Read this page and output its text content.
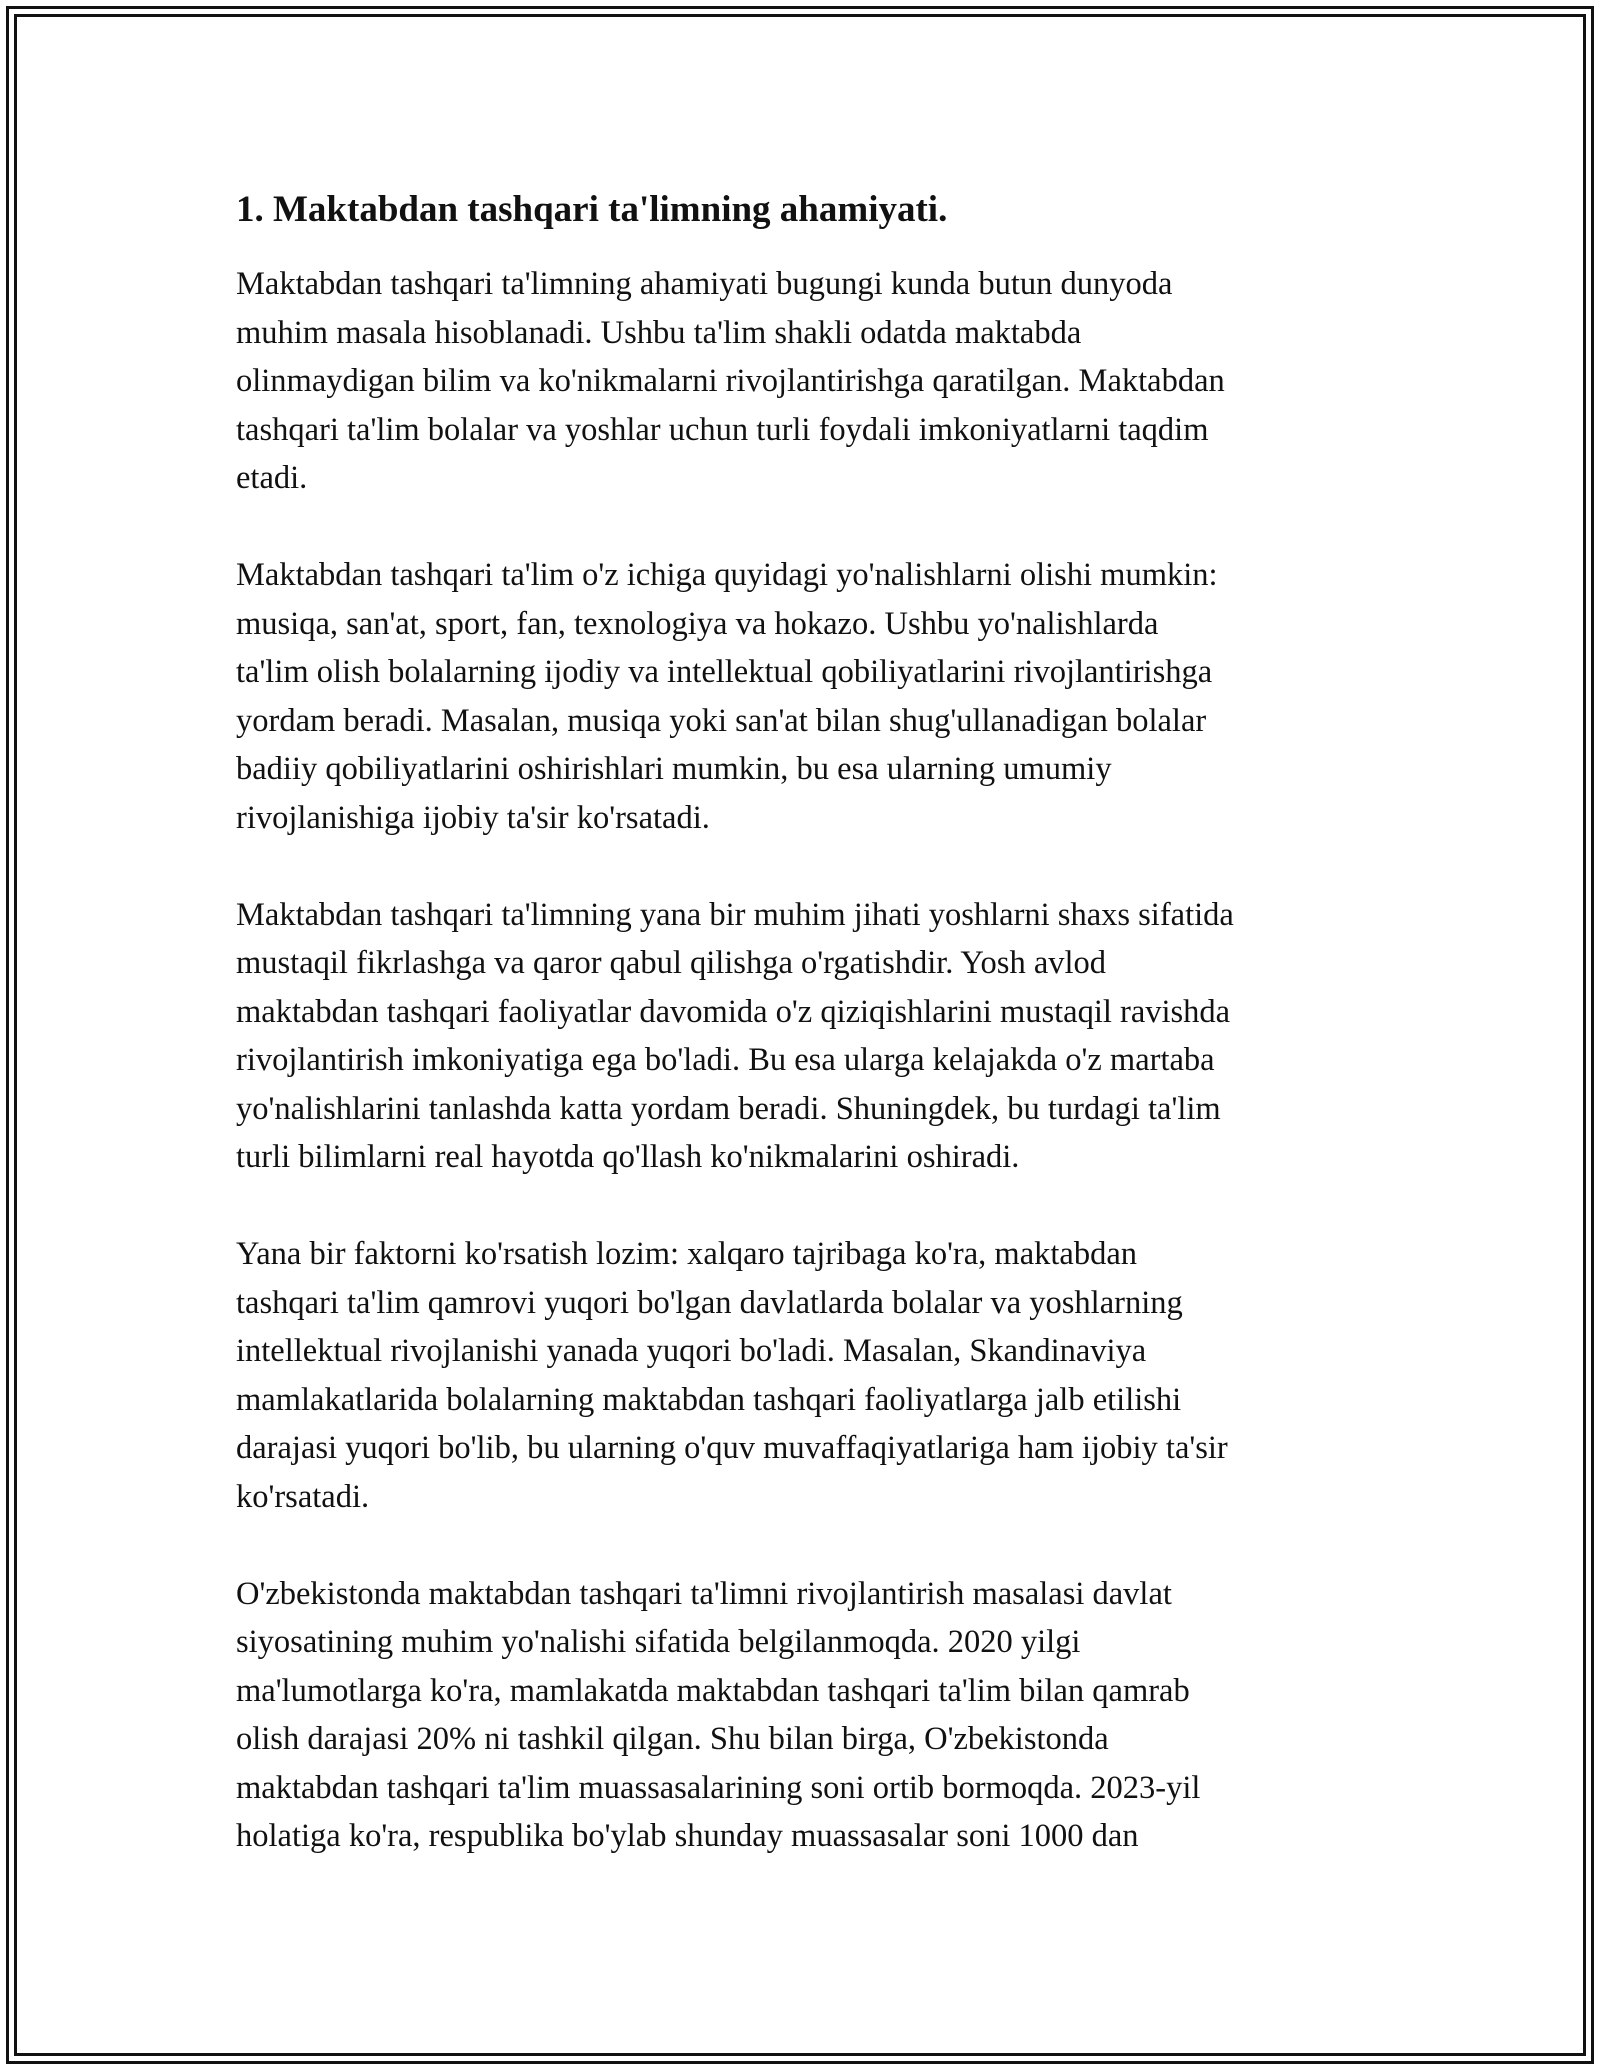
1. Maktabdan tashqari ta'limning ahamiyati.
Maktabdan tashqari ta'limning ahamiyati bugungi kunda butun dunyoda
muhim masala hisoblanadi. Ushbu ta'lim shakli odatda maktabda
olinmaydigan bilim va ko'nikmalarni rivojlantirishga qaratilgan. Maktabdan
tashqari ta'lim bolalar va yoshlar uchun turli foydali imkoniyatlarni taqdim
etadi.
Maktabdan tashqari ta'lim o'z ichiga quyidagi yo'nalishlarni olishi mumkin:
musiqa, san'at, sport, fan, texnologiya va hokazo. Ushbu yo'nalishlarda
ta'lim olish bolalarning ijodiy va intellektual qobiliyatlarini rivojlantirishga
yordam beradi. Masalan, musiqa yoki san'at bilan shug'ullanadigan bolalar
badiiy qobiliyatlarini oshirishlari mumkin, bu esa ularning umumiy
rivojlanishiga ijobiy ta'sir ko'rsatadi.
Maktabdan tashqari ta'limning yana bir muhim jihati yoshlarni shaxs sifatida
mustaqil fikrlashga va qaror qabul qilishga o'rgatishdir. Yosh avlod
maktabdan tashqari faoliyatlar davomida o'z qiziqishlarini mustaqil ravishda
rivojlantirish imkoniyatiga ega bo'ladi. Bu esa ularga kelajakda o'z martaba
yo'nalishlarini tanlashda katta yordam beradi. Shuningdek, bu turdagi ta'lim
turli bilimlarni real hayotda qo'llash ko'nikmalarini oshiradi.
Yana bir faktorni ko'rsatish lozim: xalqaro tajribaga ko'ra, maktabdan
tashqari ta'lim qamrovi yuqori bo'lgan davlatlarda bolalar va yoshlarning
intellektual rivojlanishi yanada yuqori bo'ladi. Masalan, Skandinaviya
mamlakatlarida bolalarning maktabdan tashqari faoliyatlarga jalb etilishi
darajasi yuqori bo'lib, bu ularning o'quv muvaffaqiyatlariga ham ijobiy ta'sir
ko'rsatadi.
O'zbekistonda maktabdan tashqari ta'limni rivojlantirish masalasi davlat
siyosatining muhim yo'nalishi sifatida belgilanmoqda. 2020 yilgi
ma'lumotlarga ko'ra, mamlakatda maktabdan tashqari ta'lim bilan qamrab
olish darajasi 20% ni tashkil qilgan. Shu bilan birga, O'zbekistonda
maktabdan tashqari ta'lim muassasalarining soni ortib bormoqda. 2023-yil
holatiga ko'ra, respublika bo'ylab shunday muassasalar soni 1000 dan
